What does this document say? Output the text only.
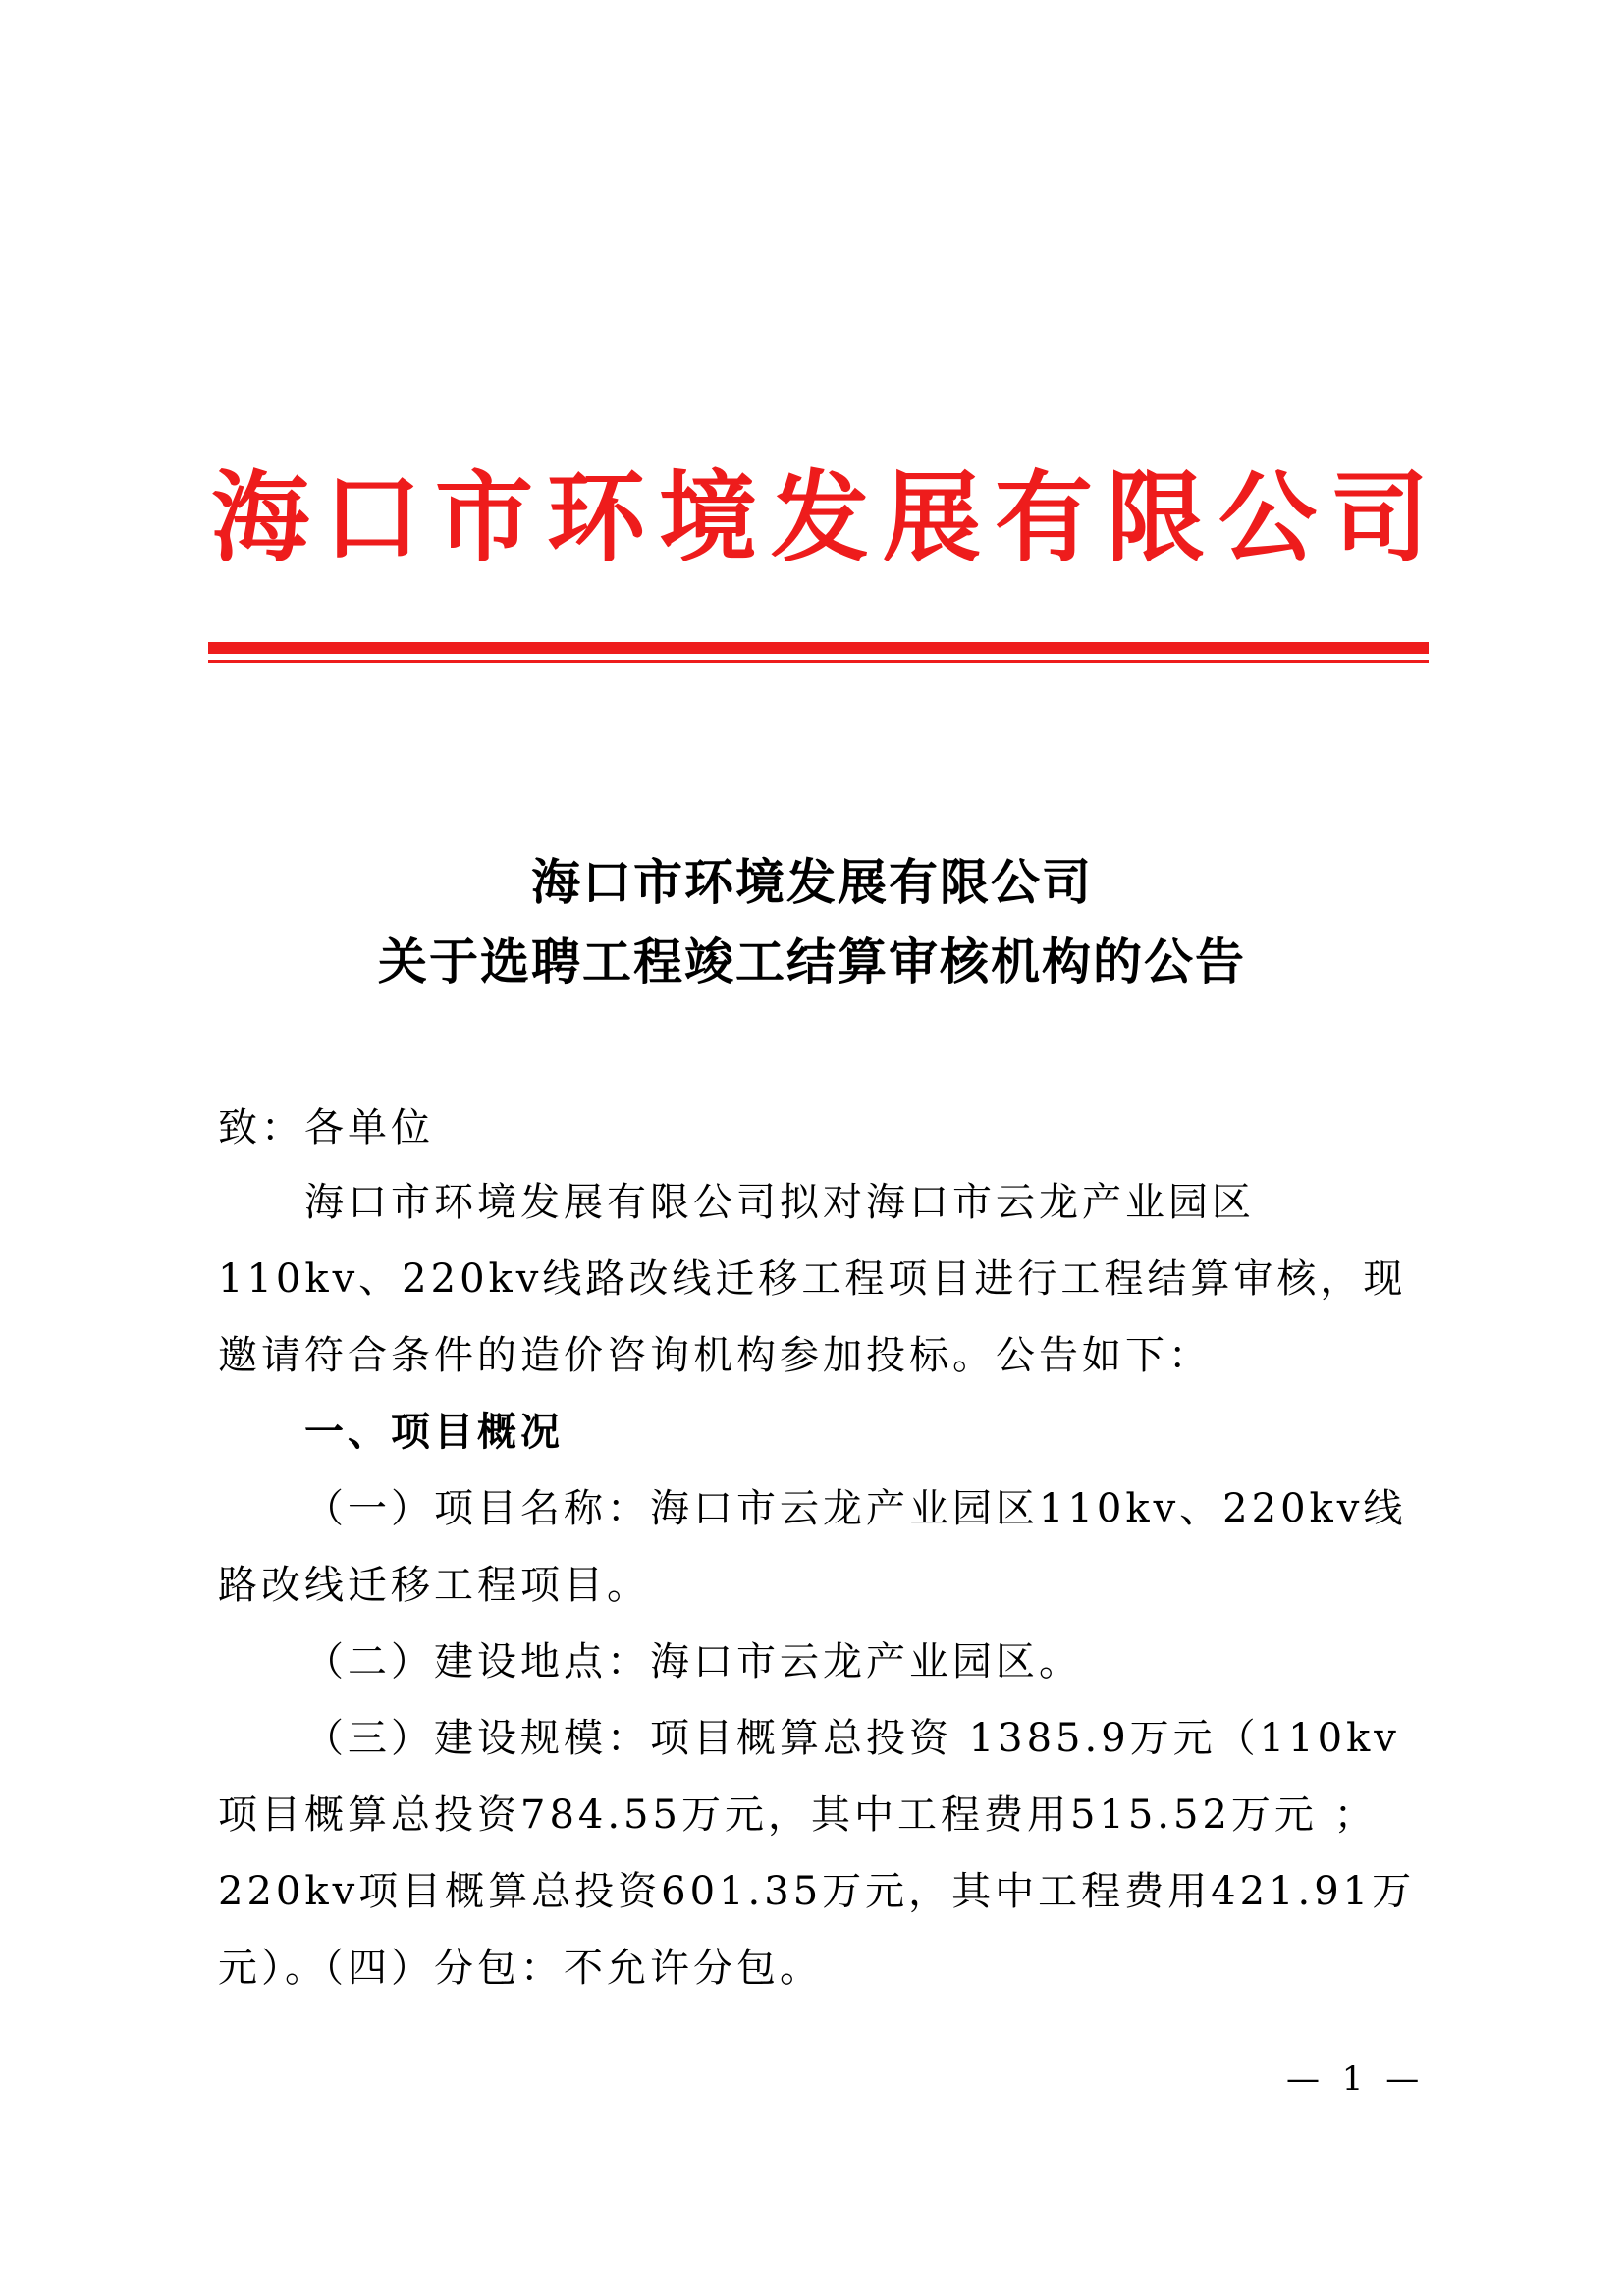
海 口 市 环 境 发 展 有 限 公 司
海口市环境发展有限公司
关于选聘工程竣工结算审核机构的公告
致：各单位
海口市环境发展有限公司拟对海口市云龙产业园区110kv、220kv线路改线迁移工程项目进行工程结算审核，现邀请符合条件的造价咨询机构参加投标。公告如下：
一、项目概况
（一）项目名称：海口市云龙产业园区110kv、220kv线路改线迁移工程项目。
（二）建设地点：海口市云龙产业园区。
（三）建设规模：项目概算总投资 1385.9万元（110kv项目概算总投资784.55万元，其中工程费用515.52万元 ；220kv项目概算总投资601.35万元，其中工程费用421.91万元）。
（四）分包：不允许分包。
— 1 —
